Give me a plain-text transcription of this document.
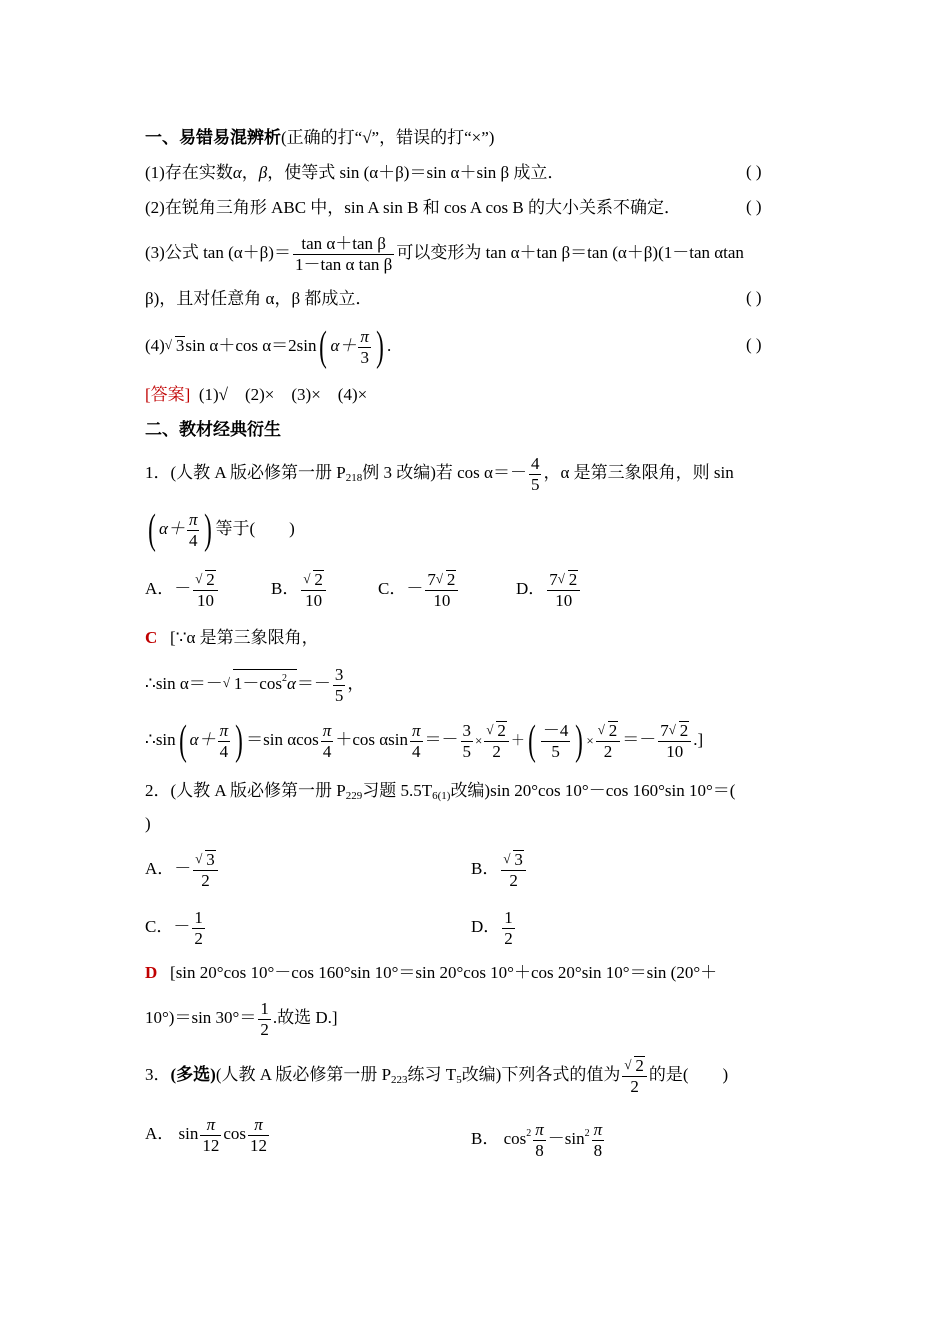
一、易错易混辨析(正确的打“√”，错误的打“×”)
(1)存在实数α，β，使等式 sin (α＋β)＝sin α＋sin β 成立．	( )
(2)在锐角三角形 ABC 中，sin A sin B 和 cos A cos B 的大小关系不确定．	( )
(3)公式 $\tan (\alpha+\beta)= \frac{\text{tan α＋tan β}}{\text{1－tan α tan β}}$ 可以变形为 tan α＋tan β＝tan (α＋β)(1－tan αtan
β)，且对任意角 α，β 都成立．	( )
(4) √ 3sin α＋cos α＝2sin( $\alpha+ \frac{\pi}{3}$ ) .	( )
[答案] (1)√　(2)×　(3)×　(4)×
二、教材经典衍生
1．(人教 A 版必修第一册 $P_{218}$例 3 改编)若 $\cos \alpha=- \frac{4}{5}$ ，α 是第三象限角，则 sin
( $\alpha+ \frac{\pi}{4}$ ) 等于(　　)
A．－ $\frac{√ 2}{10}$	B． $\frac{√ 2}{10}$	C．－ $\frac{7 √ 2}{10}$	D． $\frac{7 √ 2}{10}$
C [∵α 是第三象限角，
∴sin α＝－ √ $1-\cos^2\alpha=- \frac{3}{5}$ ，
∴sin( $\alpha+ \frac{\pi}{4}$ ) ＝sin αcos $\frac{\pi}{4} +\cos$ αsin $\frac{\pi}{4} =- \frac{3}{5} \times \frac{√ 2}{2}$ ＋( $\frac{-4}{5}$ ) × $\frac{√ 2}{2} =- \frac{7 √ 2}{10}$ .]
2．(人教 A 版必修第一册 $P_{229}$习题 $5.5T_{6(1)}$改编)sin 20°cos 10°－cos 160°sin 10°＝(
)
A．－ $\frac{√ 3}{2}$	B． $\frac{√ 3}{2}$
C．－ $\frac{1}{2}$	D． $\frac{1}{2}$
D [sin 20°cos 10°－cos 160°sin 10°＝sin 20°cos 10°＋cos 20°sin 10°＝sin (20°＋
10°)＝sin $30^\circ= \frac{1}{2}$ .故选 D.]
3．(多选)(人教 A 版必修第一册 $P_{223}$练习 $T_5$改编)下列各式的值为 $\frac{√ 2}{2}$ 的是(　　)
A． $\sin \frac{\pi}{12}$ $\cos \frac{\pi}{12}$	B． $\cos^2 \frac{\pi}{8} -\sin^2 \frac{\pi}{8}$
